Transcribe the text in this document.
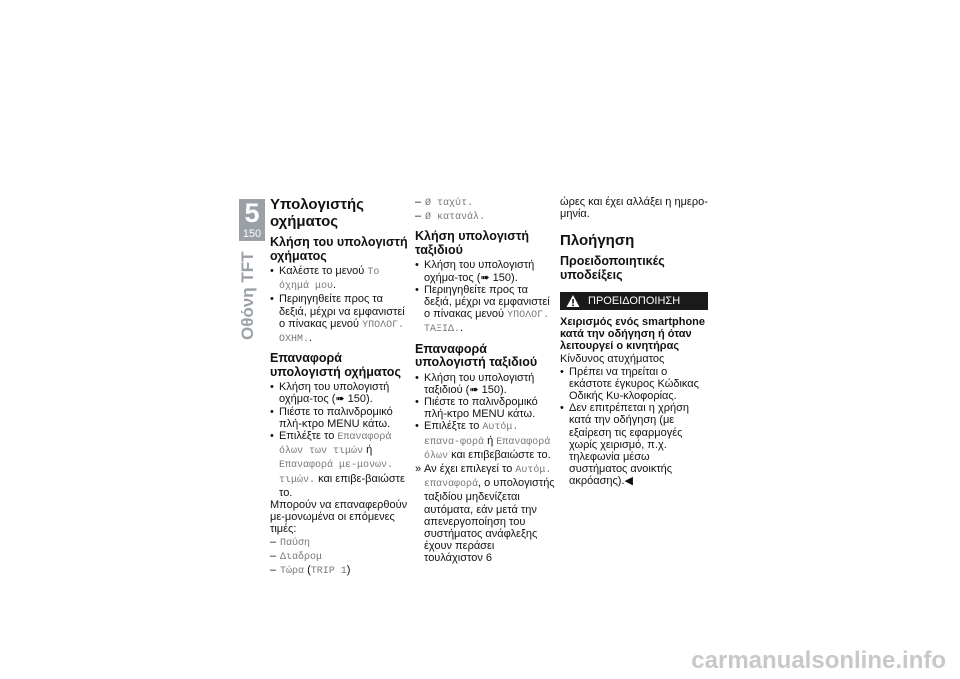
5
150
Οθόνη TFT
Υπολογιστής οχήματος
Κλήση του υπολογιστή οχήματος
• Καλέστε το μενού Το όχημά μου.
• Περιηγηθείτε προς τα δεξιά, μέχρι να εμφανιστεί ο πίνακας μενού ΥΠΟΛΟΓ. ΟΧΗΜ..
Επαναφορά υπολογιστή οχήματος
• Κλήση του υπολογιστή οχήμα-τος (➠ 150).
• Πιέστε το παλινδρομικό πλή-κτρο MENU κάτω.
• Επιλέξτε το Επαναφορά όλων των τιμών ή Επαναφορά με-μονων. τιμών. και επιβε-βαιώστε το.

Μπορούν να επαναφερθούν με-μονωμένα οι επόμενες τιμές:

– Παύση
– Διαδρομ
– Τώρα (TRIP 1)
– Ø ταχύτ.
– Ø κατανάλ.
Κλήση υπολογιστή ταξιδιού
• Κλήση του υπολογιστή οχήμα-τος (➠ 150).
• Περιηγηθείτε προς τα δεξιά, μέχρι να εμφανιστεί ο πίνακας μενού ΥΠΟΛΟΓ. ΤΑΞΙΔ..
Επαναφορά υπολογιστή ταξιδιού
• Κλήση του υπολογιστή ταξιδιού (➠ 150).
• Πιέστε το παλινδρομικό πλή-κτρο MENU κάτω.
• Επιλέξτε το Αυτόμ. επανα-φορά ή Επαναφορά όλων και επιβεβαιώστε το.
» Αν έχει επιλεγεί το Αυτόμ. επαναφορά, ο υπολογιστής ταξιδίου μηδενίζεται αυτόματα, εάν μετά την απενεργοποίηση του συστήματος ανάφλεξης έχουν περάσει τουλάχιστον 6

ώρες και έχει αλλάξει η ημερο-μηνία.

Πλοήγηση
Προειδοποιητικές υποδείξεις
ΠΡΟΕΙΔΟΠΟΙΗΣΗ
Χειρισμός ενός smartphone κατά την οδήγηση ή όταν λειτουργεί ο κινητήρας

Κίνδυνος ατυχήματος

• Πρέπει να τηρείται ο εκάστοτε έγκυρος Κώδικας Οδικής Κυ-κλοφορίας.
• Δεν επιτρέπεται η χρήση κατά την οδήγηση (με εξαίρεση τις εφαρμογές χωρίς χειρισμό, π.χ. τηλεφωνία μέσω συστήματος ανοικτής ακρόασης).◀
carmanualsonline.info
